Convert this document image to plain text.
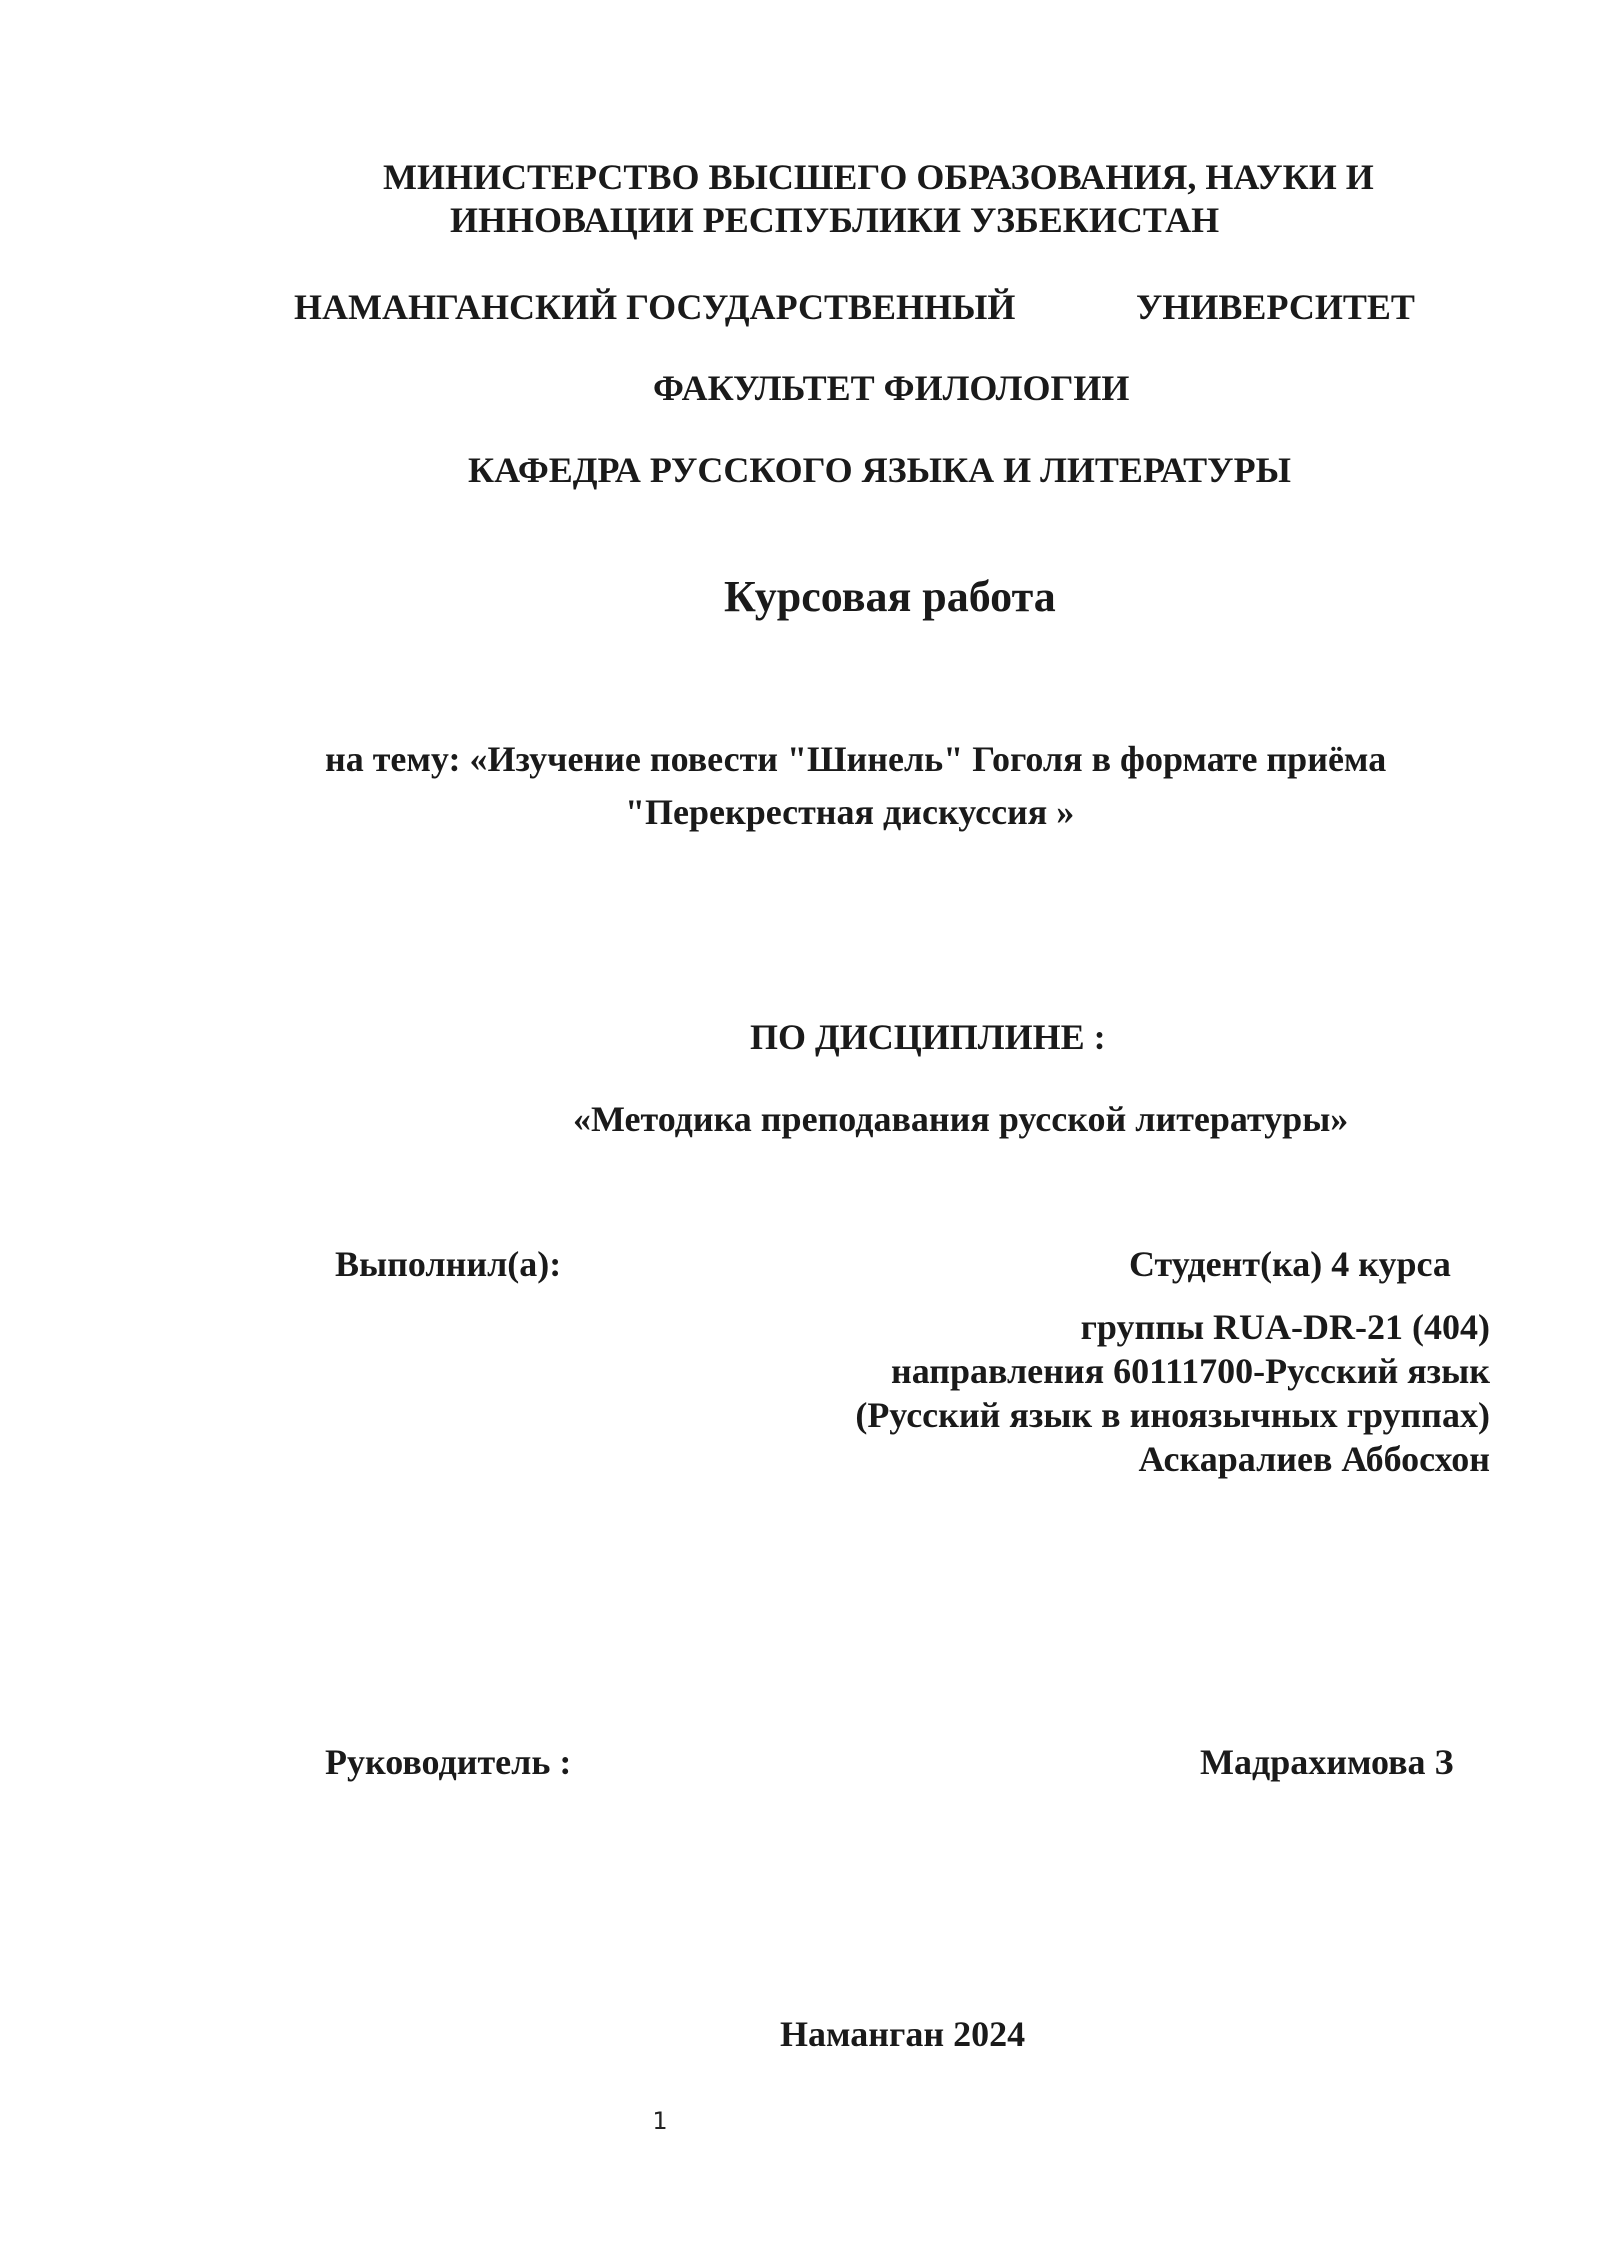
МИНИСТЕРСТВО ВЫСШЕГО ОБРАЗОВАНИЯ, НАУКИ И
ИННОВАЦИИ РЕСПУБЛИКИ УЗБЕКИСТАН
НАМАНГАНСКИЙ ГОСУДАРСТВЕННЫЙ	УНИВЕРСИТЕТ
ФАКУЛЬТЕТ ФИЛОЛОГИИ
КАФЕДРА РУССКОГО ЯЗЫКА И ЛИТЕРАТУРЫ
Курсовая работа
на тему: «Изучение повести "Шинель" Гоголя в формате приёма
"Перекрестная дискуссия »
ПО ДИСЦИПЛИНЕ :
«Методика преподавания русской литературы»
Выполнил(а):	Студент(ка) 4 курса
группы RUA-DR-21 (404)
направления 60111700-Русский язык
(Русский язык в иноязычных группах)
Аскаралиев Аббосхон
Руководитель :	Мадрахимова З
Наманган 2024
1
